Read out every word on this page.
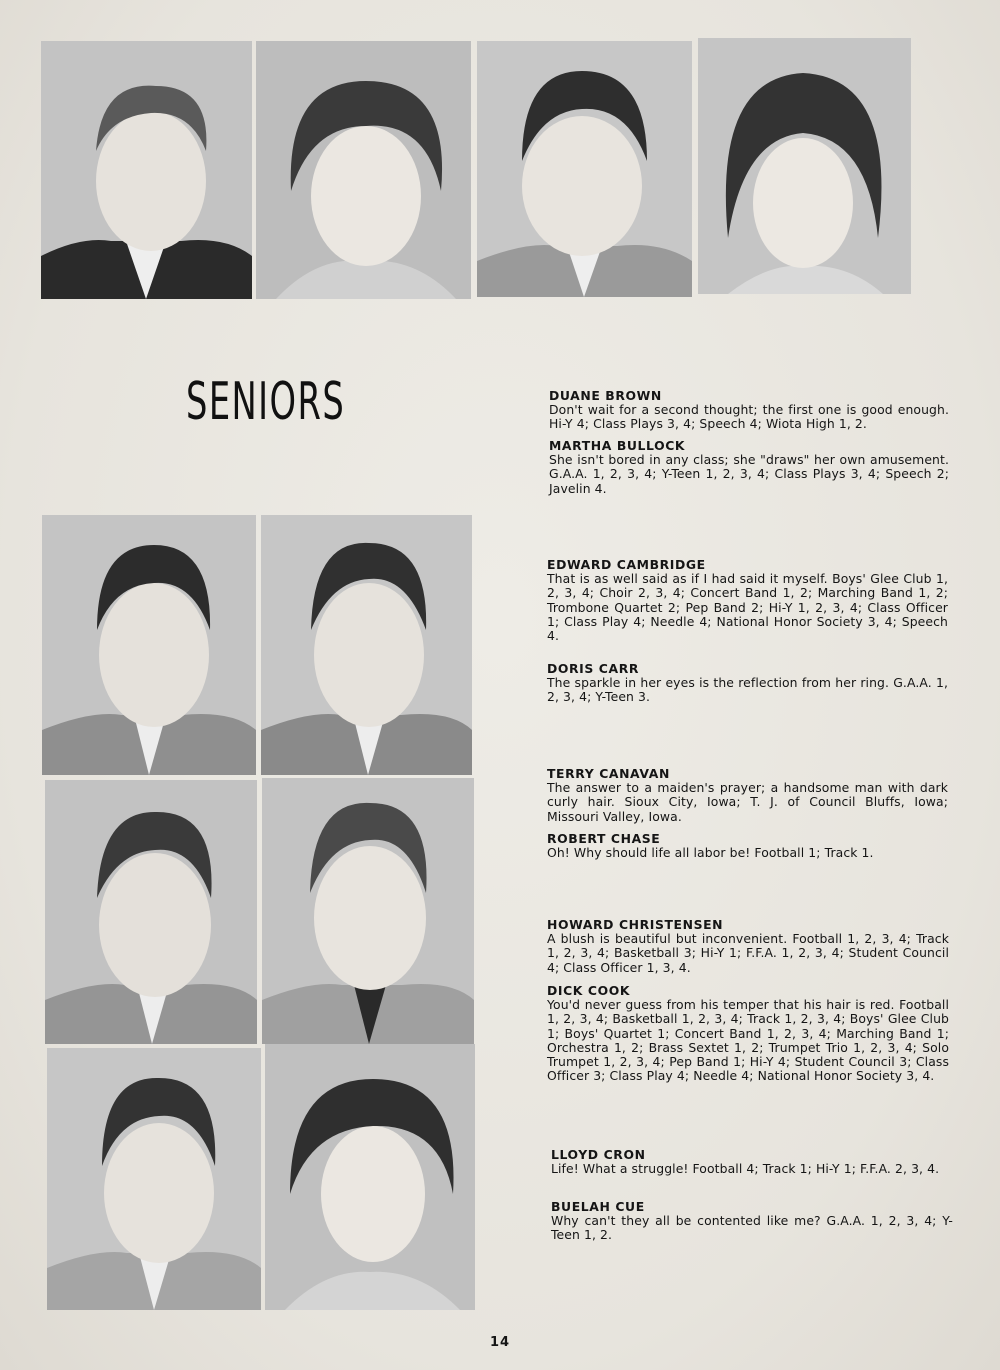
SENIORS	DUANE BROWN
Don't wait for a second thought; the first one is good enough. Hi-Y 4; Class Plays 3, 4; Speech 4; Wiota High 1, 2.
MARTHA BULLOCK
She isn't bored in any class; she "draws" her own amusement. G.A.A. 1, 2, 3, 4; Y-Teen 1, 2, 3, 4; Class Plays 3, 4; Speech 2; Javelin 4.
EDWARD CAMBRIDGE
That is as well said as if I had said it myself. Boys' Glee Club 1, 2, 3, 4; Choir 2, 3, 4; Concert Band 1, 2; Marching Band 1, 2; Trombone Quartet 2; Pep Band 2; Hi-Y 1, 2, 3, 4; Class Officer 1; Class Play 4; Needle 4; National Honor Society 3, 4; Speech 4.
DORIS CARR
The sparkle in her eyes is the reflection from her ring. G.A.A. 1, 2, 3, 4; Y-Teen 3.
TERRY CANAVAN
The answer to a maiden's prayer; a handsome man with dark curly hair. Sioux City, Iowa; T. J. of Council Bluffs, Iowa; Missouri Valley, Iowa.
ROBERT CHASE
Oh! Why should life all labor be! Football 1; Track 1.
HOWARD CHRISTENSEN
A blush is beautiful but inconvenient. Football 1, 2, 3, 4; Track 1, 2, 3, 4; Basketball 3; Hi-Y 1; F.F.A. 1, 2, 3, 4; Student Council 4; Class Officer 1, 3, 4.
DICK COOK
You'd never guess from his temper that his hair is red. Football 1, 2, 3, 4; Basketball 1, 2, 3, 4; Track 1, 2, 3, 4; Boys' Glee Club 1; Boys' Quartet 1; Concert Band 1, 2, 3, 4; Marching Band 1; Orchestra 1, 2; Brass Sextet 1, 2; Trumpet Trio 1, 2, 3, 4; Solo Trumpet 1, 2, 3, 4; Pep Band 1; Hi-Y 4; Student Council 3; Class Officer 3; Class Play 4; Needle 4; National Honor Society 3, 4.
LLOYD CRON
Life! What a struggle! Football 4; Track 1; Hi-Y 1; F.F.A. 2, 3, 4.
BUELAH CUE
Why can't they all be contented like me? G.A.A. 1, 2, 3, 4; Y-Teen 1, 2.
14
